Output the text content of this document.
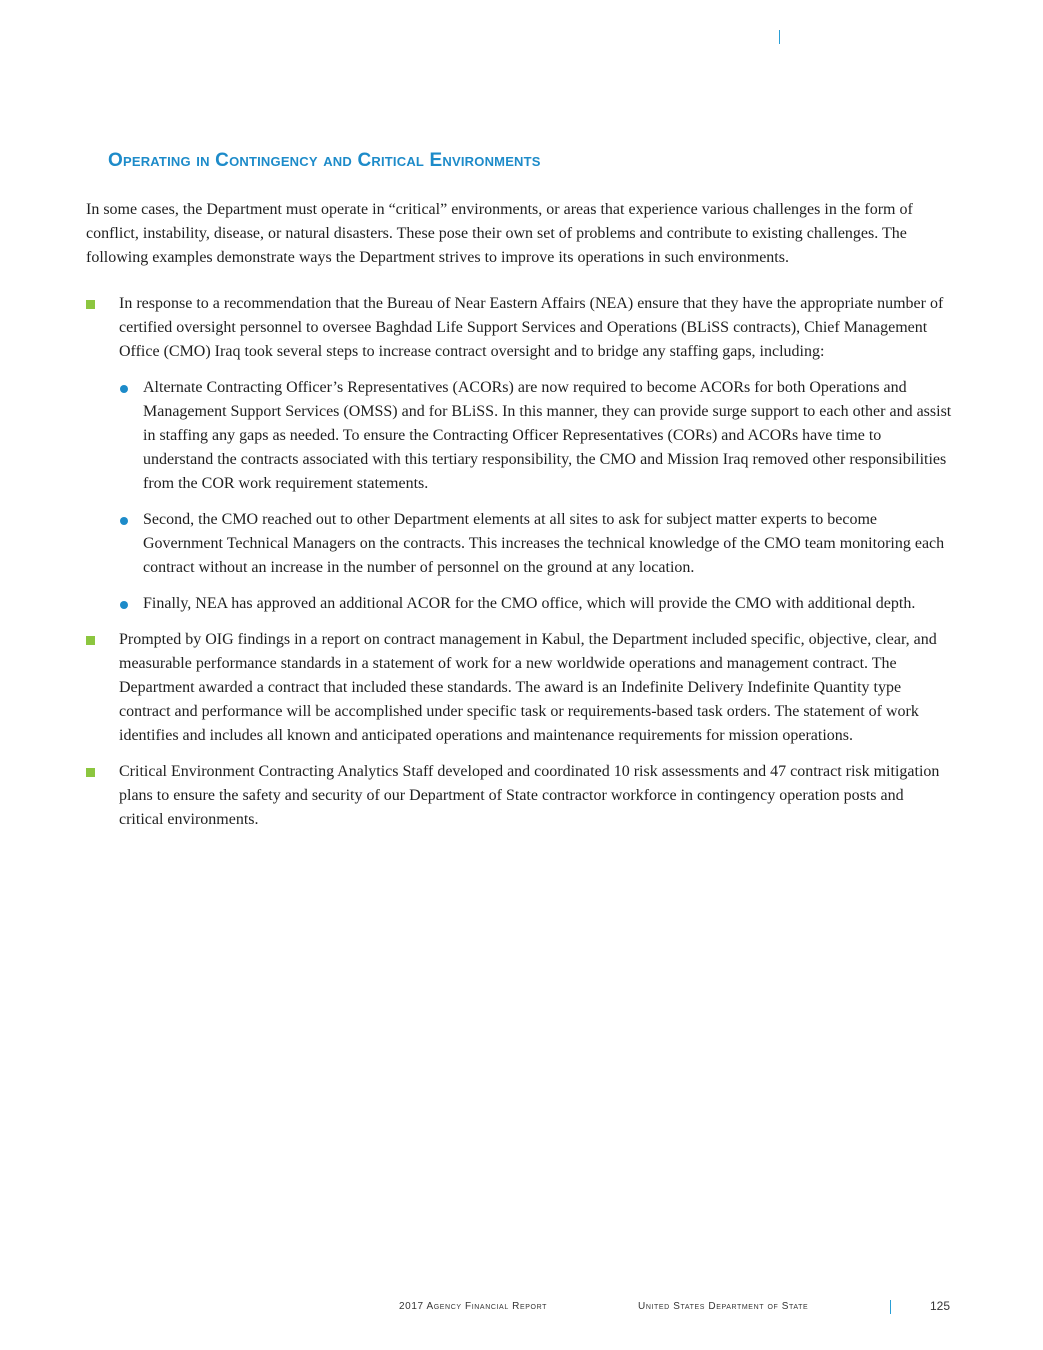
Operating in Contingency and Critical Environments

In some cases, the Department must operate in “critical” environments, or areas that experience various challenges in the form of conflict, instability, disease, or natural disasters. These pose their own set of problems and contribute to existing challenges. The following examples demonstrate ways the Department strives to improve its operations in such environments.

In response to a recommendation that the Bureau of Near Eastern Affairs (NEA) ensure that they have the appropriate number of certified oversight personnel to oversee Baghdad Life Support Services and Operations (BLiSS contracts), Chief Management Office (CMO) Iraq took several steps to increase contract oversight and to bridge any staffing gaps, including:
Alternate Contracting Officer’s Representatives (ACORs) are now required to become ACORs for both Operations and Management Support Services (OMSS) and for BLiSS. In this manner, they can provide surge support to each other and assist in staffing any gaps as needed. To ensure the Contracting Officer Representatives (CORs) and ACORs have time to understand the contracts associated with this tertiary responsibility, the CMO and Mission Iraq removed other responsibilities from the COR work requirement statements.
Second, the CMO reached out to other Department elements at all sites to ask for subject matter experts to become Government Technical Managers on the contracts. This increases the technical knowledge of the CMO team monitoring each contract without an increase in the number of personnel on the ground at any location.
Finally, NEA has approved an additional ACOR for the CMO office, which will provide the CMO with additional depth.
Prompted by OIG findings in a report on contract management in Kabul, the Department included specific, objective, clear, and measurable performance standards in a statement of work for a new worldwide operations and management contract. The Department awarded a contract that included these standards. The award is an Indefinite Delivery Indefinite Quantity type contract and performance will be accomplished under specific task or requirements-based task orders. The statement of work identifies and includes all known and anticipated operations and maintenance requirements for mission operations.
Critical Environment Contracting Analytics Staff developed and coordinated 10 risk assessments and 47 contract risk mitigation plans to ensure the safety and security of our Department of State contractor workforce in contingency operation posts and critical environments.
2017 Agency Financial Report	United States Department of State	125
